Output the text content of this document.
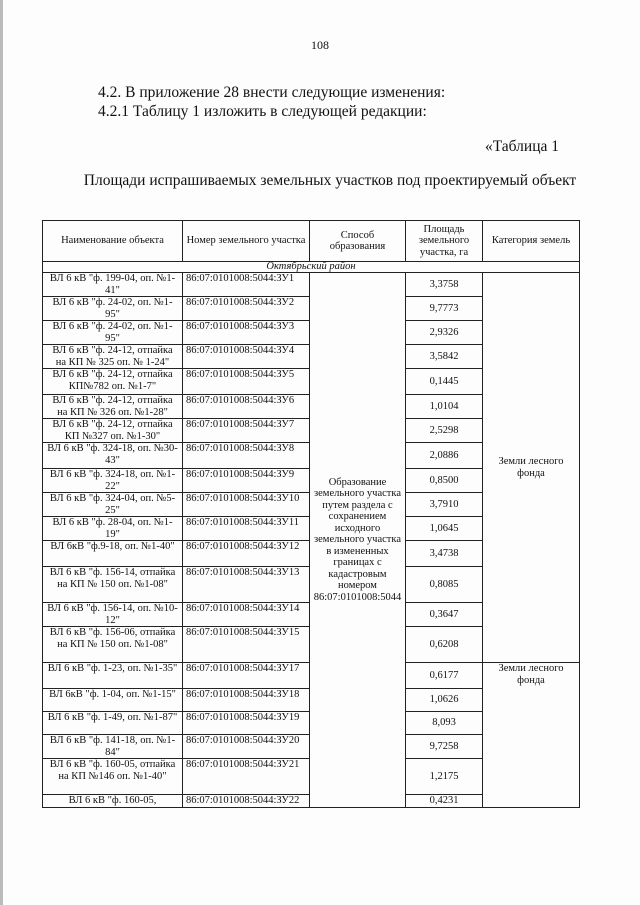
108
4.2. В приложение 28 внести следующие изменения:
4.2.1 Таблицу 1 изложить в следующей редакции:
«Таблица 1
Площади испрашиваемых земельных участков под проектируемый объект
Наименование объекта	Номер земельного участка	Способ образования	Площадь земельного участка, га	Категория земель
Октябрьский район				
ВЛ 6 кВ "ф. 199-04, оп. №1-41"	86:07:0101008:5044:ЗУ1	Образование земельного участка путем раздела с сохранением исходного земельного участка в измененных границах с кадастровым номером 86:07:0101008:5044	3,3758	Земли лесного фонда
ВЛ 6 кВ "ф. 24-02, оп. №1-95"	86:07:0101008:5044:ЗУ2		9,7773	
ВЛ 6 кВ "ф. 24-02, оп. №1-95"	86:07:0101008:5044:ЗУ3		2,9326	
ВЛ 6 кВ "ф. 24-12, отпайка на КП № 325 оп. № 1-24"	86:07:0101008:5044:ЗУ4		3,5842	
ВЛ 6 кВ "ф. 24-12, отпайка КП№782 оп. №1-7"	86:07:0101008:5044:ЗУ5		0,1445	
ВЛ 6 кВ "ф. 24-12, отпайка на КП № 326 оп. №1-28"	86:07:0101008:5044:ЗУ6		1,0104	
ВЛ 6 кВ "ф. 24-12, отпайка КП №327 оп. №1-30"	86:07:0101008:5044:ЗУ7		2,5298	
ВЛ 6 кВ "ф. 324-18, оп. №30-43"	86:07:0101008:5044:ЗУ8		2,0886	
ВЛ 6 кВ "ф. 324-18, оп. №1-22"	86:07:0101008:5044:ЗУ9		0,8500	
ВЛ 6 кВ "ф. 324-04, оп. №5-25"	86:07:0101008:5044:ЗУ10		3,7910	
ВЛ 6 кВ "ф. 28-04, оп. №1-19"	86:07:0101008:5044:ЗУ11		1,0645	
ВЛ 6кВ "ф.9-18, оп. №1-40"	86:07:0101008:5044:ЗУ12		3,4738	
ВЛ 6 кВ "ф. 156-14, отпайка на КП № 150 оп. №1-08"	86:07:0101008:5044:ЗУ13		0,8085	
ВЛ 6 кВ "ф. 156-14, оп. №10-12"	86:07:0101008:5044:ЗУ14		0,3647	
ВЛ 6 кВ "ф. 156-06, отпайка на КП № 150 оп. №1-08"	86:07:0101008:5044:ЗУ15		0,6208	
ВЛ 6 кВ "ф. 1-23, оп. №1-35"	86:07:0101008:5044:ЗУ17		0,6177	Земли лесного фонда
ВЛ 6кВ "ф. 1-04, оп. №1-15"	86:07:0101008:5044:ЗУ18		1,0626	
ВЛ 6 кВ "ф. 1-49, оп. №1-87"	86:07:0101008:5044:ЗУ19		8,093	
ВЛ 6 кВ "ф. 141-18, оп. №1-84"	86:07:0101008:5044:ЗУ20		9,7258	
ВЛ 6 кВ "ф. 160-05, отпайка на КП №146 оп. №1-40"	86:07:0101008:5044:ЗУ21		1,2175	
ВЛ 6 кВ "ф. 160-05,	86:07:0101008:5044:ЗУ22		0,4231	
